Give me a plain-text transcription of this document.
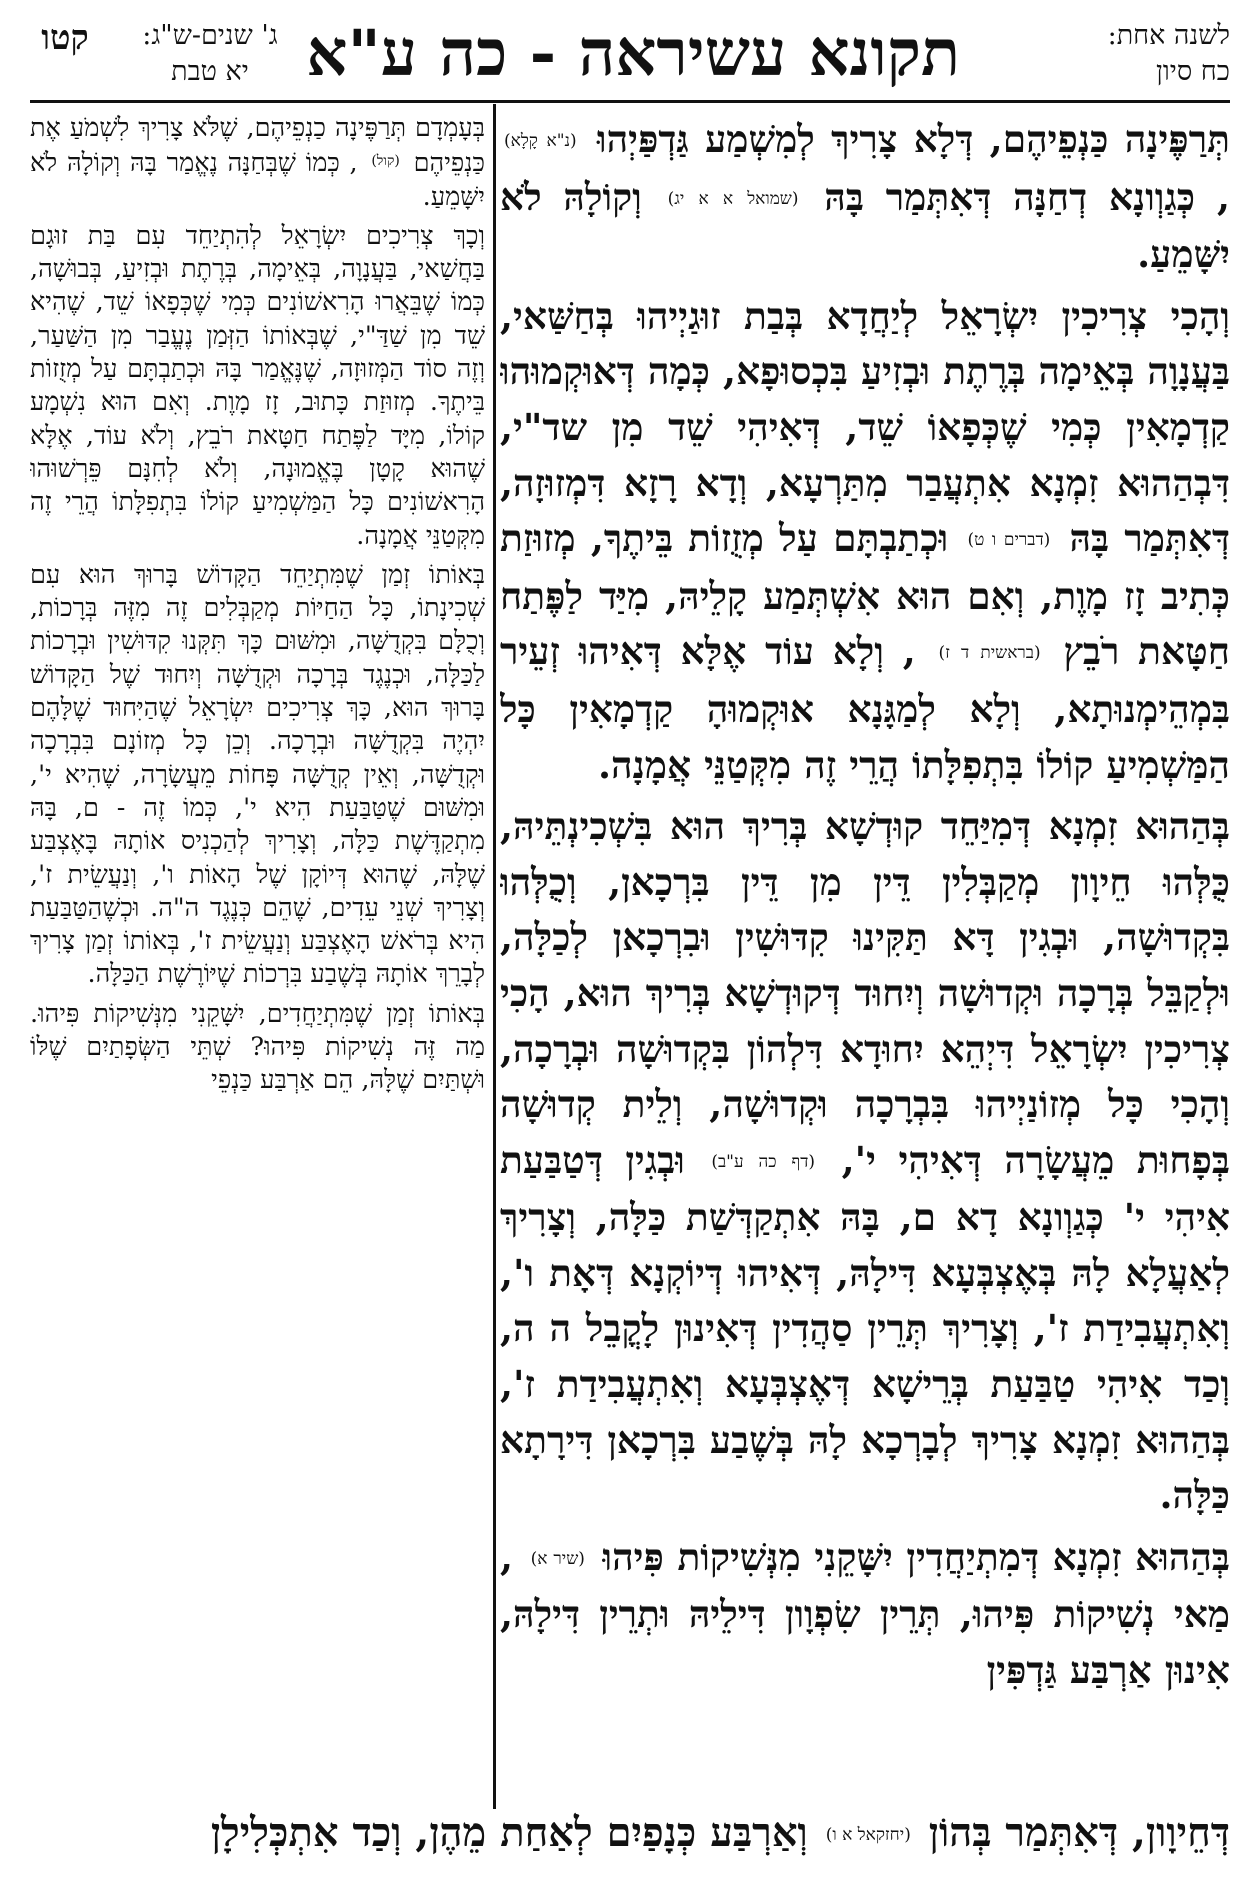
לשנה אחת:
כח סיון
תקונא עשיראה - כה ע"א
ג' שנים-ש"ג:
יא טבת
קטו

תְּרַפֶּינָה כַּנְפֵיהֶם, דְּלָא צָרִיךְ לְמִשְׁמַע גַּדְפַּיְהוּ (נ"א קָלָא) , כְּגַוְונָא דְחַנָּה דְּאִתְּמַר בָּהּ (שמואל א א יג) וְקוֹלָהּ לֹא יִשָּׁמֵעַ.

וְהָכִי צְרִיכִין יִשְׂרָאֵל לְיַחֲדָא בְּבַת זוּגַיְיהוּ בְּחַשַּׁאי, בַּעֲנָוָה בְּאֵימָה בְּרֶתֶת וּבְזִיעַ בִּכְסוּפָא, כְּמָה דְּאוּקְמוּהוּ קַדְמָאִין כְּמִי שֶׁכְּפָאוֹ שֵׁד, דְּאִיהִי שֵׁד מִן שד"י, דִּבְהַהוּא זִמְנָא אִתְעֲבַר מִתַּרְעָא, וְדָא רָזָא דִּמְזוּזָה, דְּאִתְּמַר בָּהּ (דברים ו ט) וּכְתַבְתָּם עַל מְזֻזוֹת בֵּיתֶךָ, מְזוּזַת כְּתִיב זָז מָוֶת, וְאִם הוּא אִשְׁתְּמַע קָלֵיהּ, מִיַּד לַפֶּתַח חַטָּאת רֹבֵץ (בראשית ד ז) , וְלָא עוֹד אֶלָּא דְּאִיהוּ זְעֵיר בִּמְהֵימְנוּתָא, וְלָא לְמַגָּנָא אוּקְמוּהָ קַדְמָאִין כָּל הַמַּשְׁמִיעַ קוֹלוֹ בִּתְפִלָּתוֹ הֲרֵי זֶה מִקְּטַנֵּי אֲמָנָה.

בְּהַהוּא זִמְנָא דְּמִיַּחֵד קוּדְשָׁא בְּרִיךְ הוּא בִּשְׁכִינְתֵּיהּ, כֻּלְּהוּ חֵיוָון מְקַבְּלִין דֵּין מִן דֵּין בִּרְכָאן, וְכֻלְּהוּ בִּקְדוּשָׁה, וּבְגִין דָּא תַּקִּינוּ קִדּוּשִׁין וּבִרְכָאן לְכַלָּה, וּלְקַבֵּל בְּרָכָה וּקְדוּשָׁה וְיִחוּד דְּקוּדְשָׁא בְּרִיךְ הוּא, הָכִי צְרִיכִין יִשְׂרָאֵל דִּיְהֵא יִחוּדָא דִּלְהוֹן בִּקְדוּשָׁה וּבְרָכָה, וְהָכִי כָּל מְזוֹנַיְיהוּ בִּבְרָכָה וּקְדוּשָׁה, וְלֵית קְדוּשָׁה בְּפָחוּת מֵעֲשָׂרָה דְּאִיהִי י', (דף כה ע"ב) וּבְגִין דְּטַבַּעַת אִיהִי י' כְּגַוְונָא דָא ם, בָּהּ אִתְקַדְּשַׁת כַּלָּה, וְצָרִיךְ לְאַעֲלָא לָהּ בְּאֶצְבְּעָא דִּילָהּ, דְּאִיהוּ דְּיוֹקְנָא דְּאָת ו', וְאִתְעֲבִידַת ז', וְצָרִיךְ תְּרֵין סַהֲדִין דְּאִינוּן לָקֳבֵל ה ה, וְכַד אִיהִי טַבַּעַת בְּרֵישָׁא דְּאֶצְבְּעָא וְאִתְעֲבִידַת ז', בְּהַהוּא זִמְנָא צָרִיךְ לְבָרְכָא לָהּ בְּשֶׁבַע בִּרְכָאן דִּירָתָא כַּלָּה.

בְּהַהוּא זִמְנָא דְּמִתְיַחֲדִין יִשָּׁקֵנִי מִנְּשִׁיקוֹת פִּיהוּ (שיר א) , מַאי נְשִׁיקוֹת פִּיהוּ, תְּרֵין שִׂפְוָון דִּילֵיהּ וּתְרֵין דִּילָהּ, אִינוּן אַרְבַּע גַּדְפִּין

בְּעָמְדָם תְּרַפֶּינָה כַנְפֵיהֶם, שֶׁלֹּא צָרִיךְ לִשְׁמֹעַ אֶת כַּנְפֵיהֶם $^{(קול)}$ , כְּמוֹ שֶׁבְּחַנָּה נֶאֱמַר בָּהּ וְקוֹלָהּ לֹא יִשָּׁמֵעַ.

וְכָךְ צְרִיכִים יִשְׂרָאֵל לְהִתְיַחֵד עִם בַּת זוּגָם בַּחֲשַׁאי, בַּעֲנָוָה, בְּאֵימָה, בְּרֶתֶת וּבְזִיעַ, בְּבוּשָׁה, כְּמוֹ שֶׁבֵּאֲרוּ הָרִאשׁוֹנִים כְּמִי שֶׁכְּפָאוֹ שֵׁד, שֶׁהִיא שֵׁד מִן שַׁדַּ"י, שֶׁבְּאוֹתוֹ הַזְּמַן נֶעֱבַר מִן הַשַּׁעַר, וְזֶה סוֹד הַמְּזוּזָה, שֶׁנֶּאֱמַר בָּהּ וּכְתַבְתָּם עַל מְזֻזוֹת בֵּיתֶךָ. מְזוּזַת כָּתוּב, זָז מָוֶת. וְאִם הוּא נִשְׁמָע קוֹלוֹ, מִיָּד לַפֶּתַח חַטָּאת רֹבֵץ, וְלֹא עוֹד, אֶלָּא שֶׁהוּא קָטָן בֶּאֱמוּנָה, וְלֹא לְחִנָּם פֵּרְשׁוּהוּ הָרִאשׁוֹנִים כָּל הַמַּשְׁמִיעַ קוֹלוֹ בִּתְפִלָּתוֹ הֲרֵי זֶה מִקְּטַנֵּי אֲמָנָה.

בְּאוֹתוֹ זְמַן שֶׁמִּתְיַחֵד הַקָּדוֹשׁ בָּרוּךְ הוּא עִם שְׁכִינָתוֹ, כָּל הַחַיּוֹת מְקַבְּלִים זֶה מִזֶּה בְּרָכוֹת, וְכֻלָּם בִּקְדֻשָּׁה, וּמִשּׁוּם כָּךְ תִּקְּנוּ קִדּוּשִׁין וּבְרָכוֹת לַכַּלָּה, וּכְנֶגֶד בְּרָכָה וּקְדֻשָּׁה וְיִחוּד שֶׁל הַקָּדוֹשׁ בָּרוּךְ הוּא, כָּךְ צְרִיכִים יִשְׂרָאֵל שֶׁהַיִּחוּד שֶׁלָּהֶם יִהְיֶה בִּקְדֻשָּׁה וּבְרָכָה. וְכֵן כָּל מְזוֹנָם בִּבְרָכָה וּקְדֻשָּׁה, וְאֵין קְדֻשָּׁה פָּחוֹת מֵעֲשָׂרָה, שֶׁהִיא י', וּמִשּׁוּם שֶׁטַּבַּעַת הִיא י', כְּמוֹ זֶה - ם, בָּהּ מִתְקַדֶּשֶׁת כַּלָּה, וְצָרִיךְ לְהַכְנִיס אוֹתָהּ בָּאֶצְבַּע שֶׁלָּהּ, שֶׁהוּא דְּיוֹקָן שֶׁל הָאוֹת ו', וְנַעֲשֵׂית ז', וְצָרִיךְ שְׁנֵי עֵדִים, שֶׁהֵם כְּנֶגֶד ה"ה. וּכְשֶׁהַטַּבַּעַת הִיא בְּרֹאשׁ הָאֶצְבַּע וְנַעֲשֵׂית ז', בְּאוֹתוֹ זְמַן צָרִיךְ לְבָרֵךְ אוֹתָהּ בְּשֶׁבַע בִּרְכוֹת שֶׁיּוֹרֶשֶׁת הַכַּלָּה.

בְּאוֹתוֹ זְמַן שֶׁמִּתְיַחֲדִים, יִשָּׁקֵנִי מִנְּשִׁיקוֹת פִּיהוּ. מַה זֶּה נְשִׁיקוֹת פִּיהוּ? שְׁתֵּי הַשְּׂפָתַיִם שֶׁלּוֹ וּשְׁתַּיִם שֶׁלָּהּ, הֵם אַרְבַּע כַּנְפֵי

דְּחֵיוָון, דְּאִתְּמַר בְּהוֹן (יחזקאל א ו) וְאַרְבַּע כְּנָפַיִם לְאַחַת מֵהֶן, וְכַד אִתְכְּלִילָן
